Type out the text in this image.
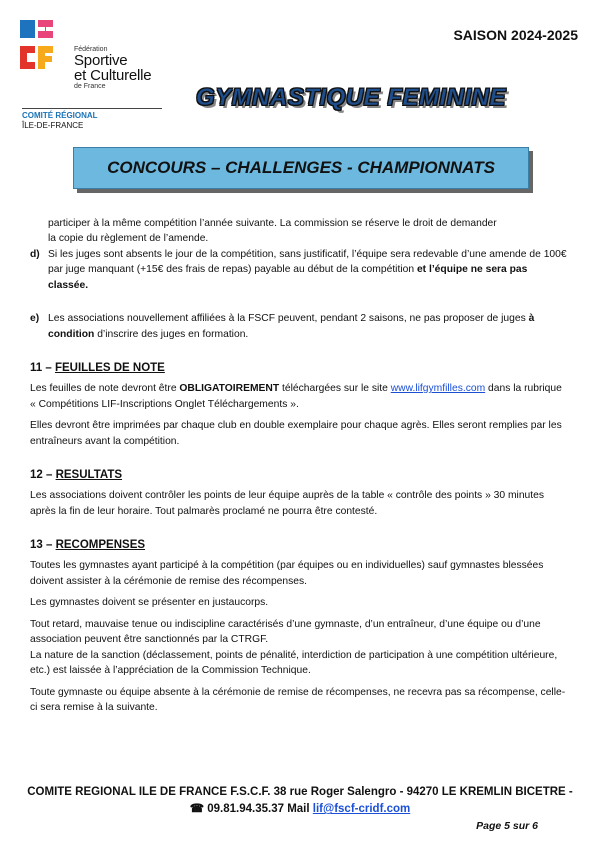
Fédération
Sportive
et Culturelle
de France
COMITÉ RÉGIONAL
ÎLE-DE-FRANCE
SAISON 2024-2025
GYMNASTIQUE FEMININE
CONCOURS – CHALLENGES - CHAMPIONNATS

participer à la même compétition l’année suivante. La commission se réserve le droit de demander
la copie du règlement de l’amende.

d) Si les juges sont absents le jour de la compétition, sans justificatif, l’équipe sera redevable d’une amende de 100€ par juge manquant (+15€ des frais de repas) payable au début de la compétition et l’équipe ne sera pas classée.

e) Les associations nouvellement affiliées à la FSCF peuvent, pendant 2 saisons, ne pas proposer de juges à condition d’inscrire des juges en formation.

11 – FEUILLES DE NOTE

Les feuilles de note devront être OBLIGATOIREMENT téléchargées sur le site www.lifgymfilles.com dans la rubrique « Compétitions LIF-Inscriptions Onglet Téléchargements ».

Elles devront être imprimées par chaque club en double exemplaire pour chaque agrès. Elles seront remplies par les entraîneurs avant la compétition.

12 – RESULTATS

Les associations doivent contrôler les points de leur équipe auprès de la table « contrôle des points » 30 minutes après la fin de leur horaire. Tout palmarès proclamé ne pourra être contesté.

13 – RECOMPENSES

Toutes les gymnastes ayant participé à la compétition (par équipes ou en individuelles) sauf gymnastes blessées doivent assister à la cérémonie de remise des récompenses.

Les gymnastes doivent se présenter en justaucorps.

Tout retard, mauvaise tenue ou indiscipline caractérisés d’une gymnaste, d’un entraîneur, d’une équipe ou d’une association peuvent être sanctionnés par la CTRGF.

La nature de la sanction (déclassement, points de pénalité, interdiction de participation à une compétition ultérieure, etc.) est laissée à l’appréciation de la Commission Technique.

Toute gymnaste ou équipe absente à la cérémonie de remise de récompenses, ne recevra pas sa récompense, celle-ci sera remise à la suivante.

COMITE REGIONAL ILE DE FRANCE F.S.C.F. 38 rue Roger Salengro - 94270 LE KREMLIN BICETRE -
☎ 09.81.94.35.37 Mail lif@fscf-cridf.com
Page 5 sur 6
